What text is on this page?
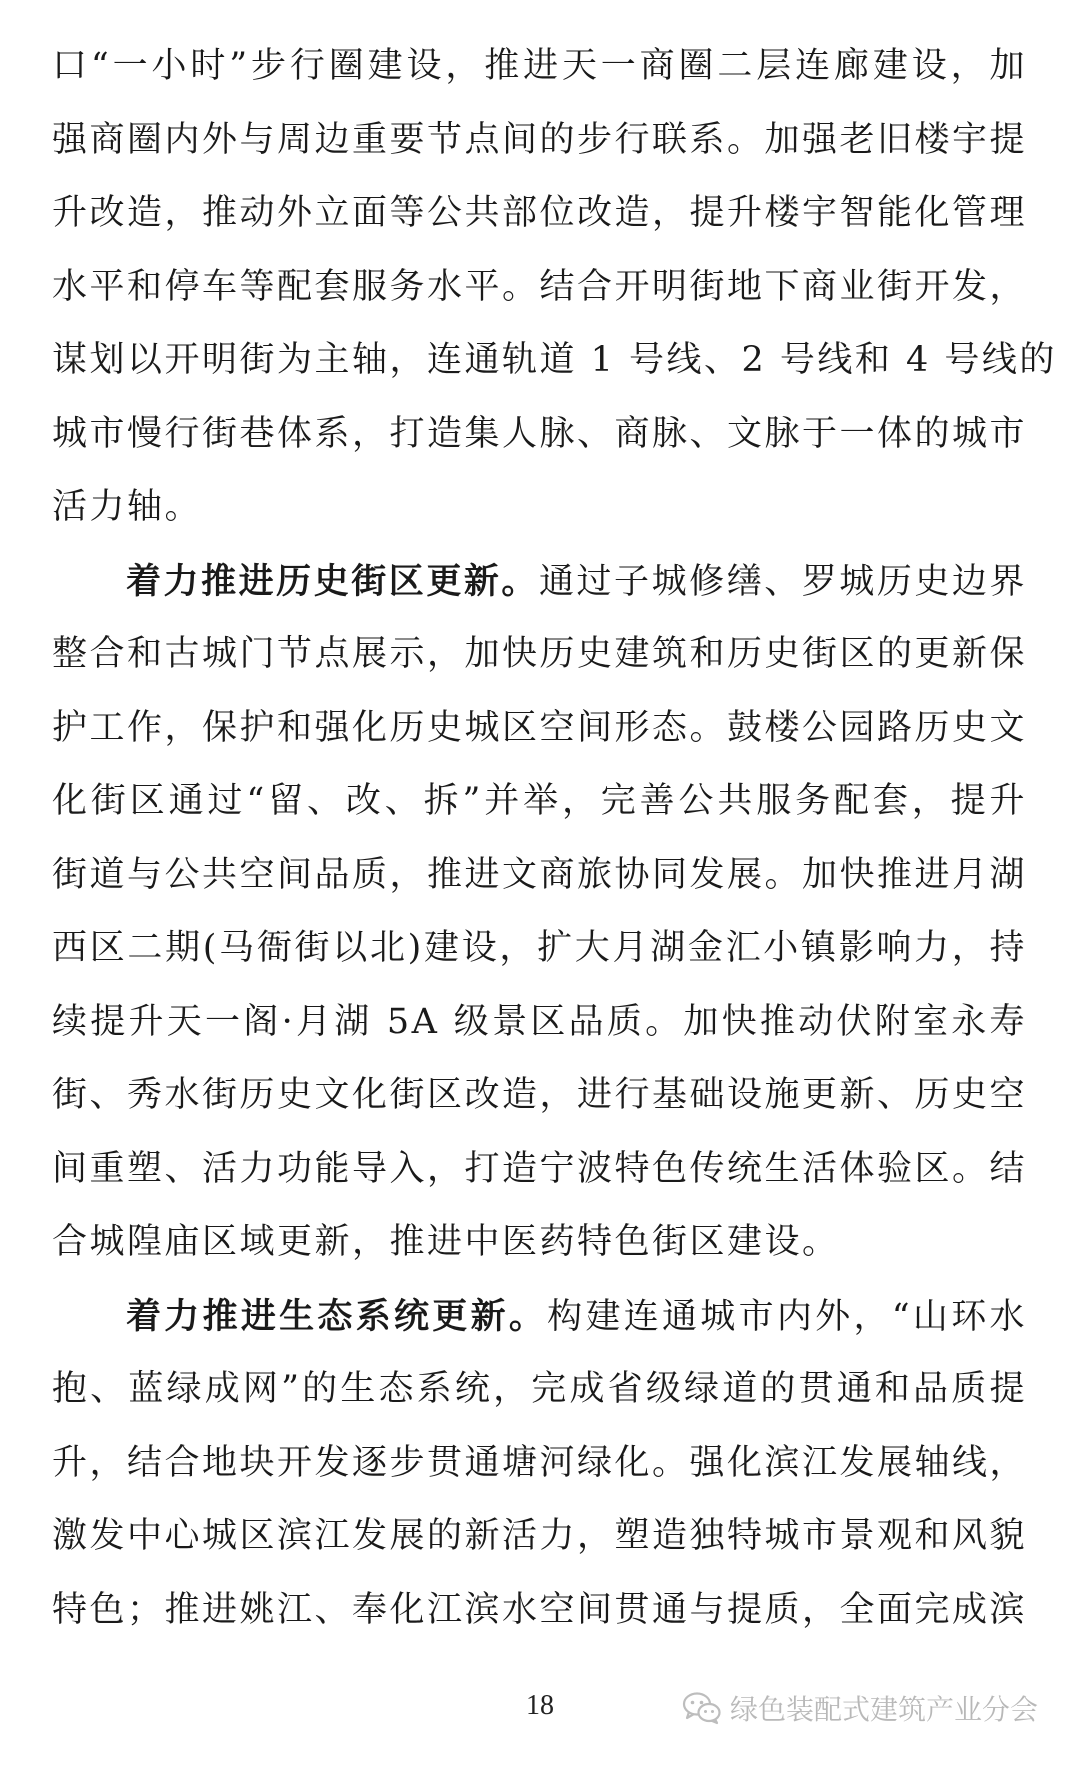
口“一小时”步行圈建设，推进天一商圈二层连廊建设，加
强商圈内外与周边重要节点间的步行联系。加强老旧楼宇提
升改造，推动外立面等公共部位改造，提升楼宇智能化管理
水平和停车等配套服务水平。结合开明街地下商业街开发，
谋划以开明街为主轴，连通轨道 1 号线、2 号线和 4 号线的
城市慢行街巷体系，打造集人脉、商脉、文脉于一体的城市
活力轴。
着力推进历史街区更新。通过子城修缮、罗城历史边界
整合和古城门节点展示，加快历史建筑和历史街区的更新保
护工作，保护和强化历史城区空间形态。鼓楼公园路历史文
化街区通过“留、改、拆”并举，完善公共服务配套，提升
街道与公共空间品质，推进文商旅协同发展。加快推进月湖
西区二期(马衙街以北)建设，扩大月湖金汇小镇影响力，持
续提升天一阁·月湖 5A 级景区品质。加快推动伏附室永寿
街、秀水街历史文化街区改造，进行基础设施更新、历史空
间重塑、活力功能导入，打造宁波特色传统生活体验区。结
合城隍庙区域更新，推进中医药特色街区建设。
着力推进生态系统更新。构建连通城市内外，“山环水
抱、蓝绿成网”的生态系统，完成省级绿道的贯通和品质提
升，结合地块开发逐步贯通塘河绿化。强化滨江发展轴线，
激发中心城区滨江发展的新活力，塑造独特城市景观和风貌
特色；推进姚江、奉化江滨水空间贯通与提质，全面完成滨
18	绿色装配式建筑产业分会
